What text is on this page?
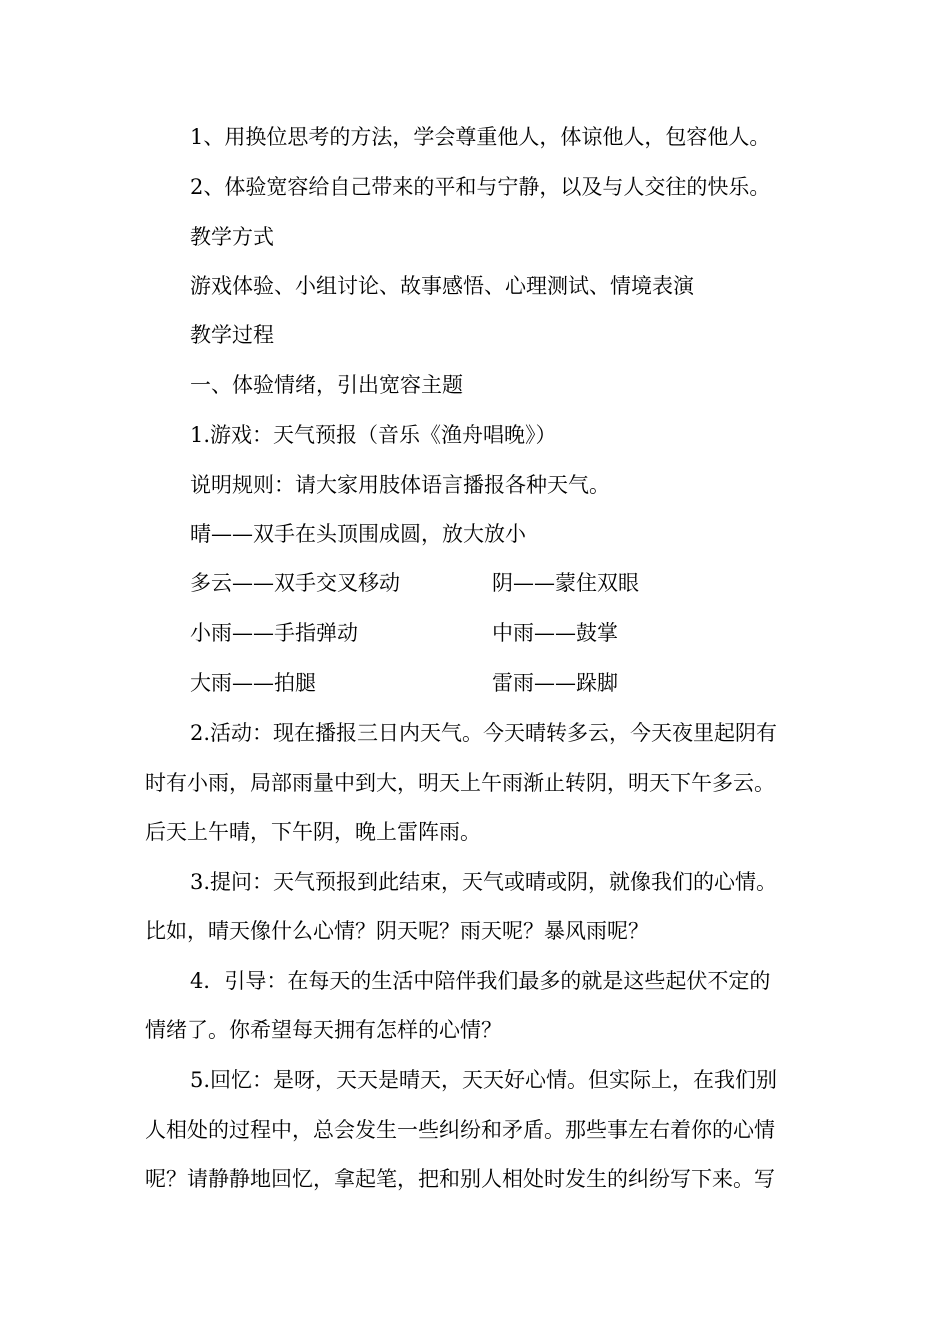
1、用换位思考的方法，学会尊重他人，体谅他人，包容他人。
2、体验宽容给自己带来的平和与宁静，以及与人交往的快乐。
教学方式
游戏体验、小组讨论、故事感悟、心理测试、情境表演
教学过程
一、体验情绪，引出宽容主题
1.游戏：天气预报（音乐《渔舟唱晚》）
说明规则：请大家用肢体语言播报各种天气。
晴——双手在头顶围成圆，放大放小
多云——双手交叉移动	阴——蒙住双眼
小雨——手指弹动	中雨——鼓掌
大雨——拍腿	雷雨——跺脚
2.活动：现在播报三日内天气。今天晴转多云，今天夜里起阴有
时有小雨，局部雨量中到大，明天上午雨渐止转阴，明天下午多云。
后天上午晴，下午阴，晚上雷阵雨。
3.提问：天气预报到此结束，天气或晴或阴，就像我们的心情。
比如，晴天像什么心情？阴天呢？雨天呢？暴风雨呢？
4．引导：在每天的生活中陪伴我们最多的就是这些起伏不定的
情绪了。你希望每天拥有怎样的心情？
5.回忆：是呀，天天是晴天，天天好心情。但实际上，在我们别
人相处的过程中，总会发生一些纠纷和矛盾。那些事左右着你的心情
呢？请静静地回忆，拿起笔，把和别人相处时发生的纠纷写下来。写
